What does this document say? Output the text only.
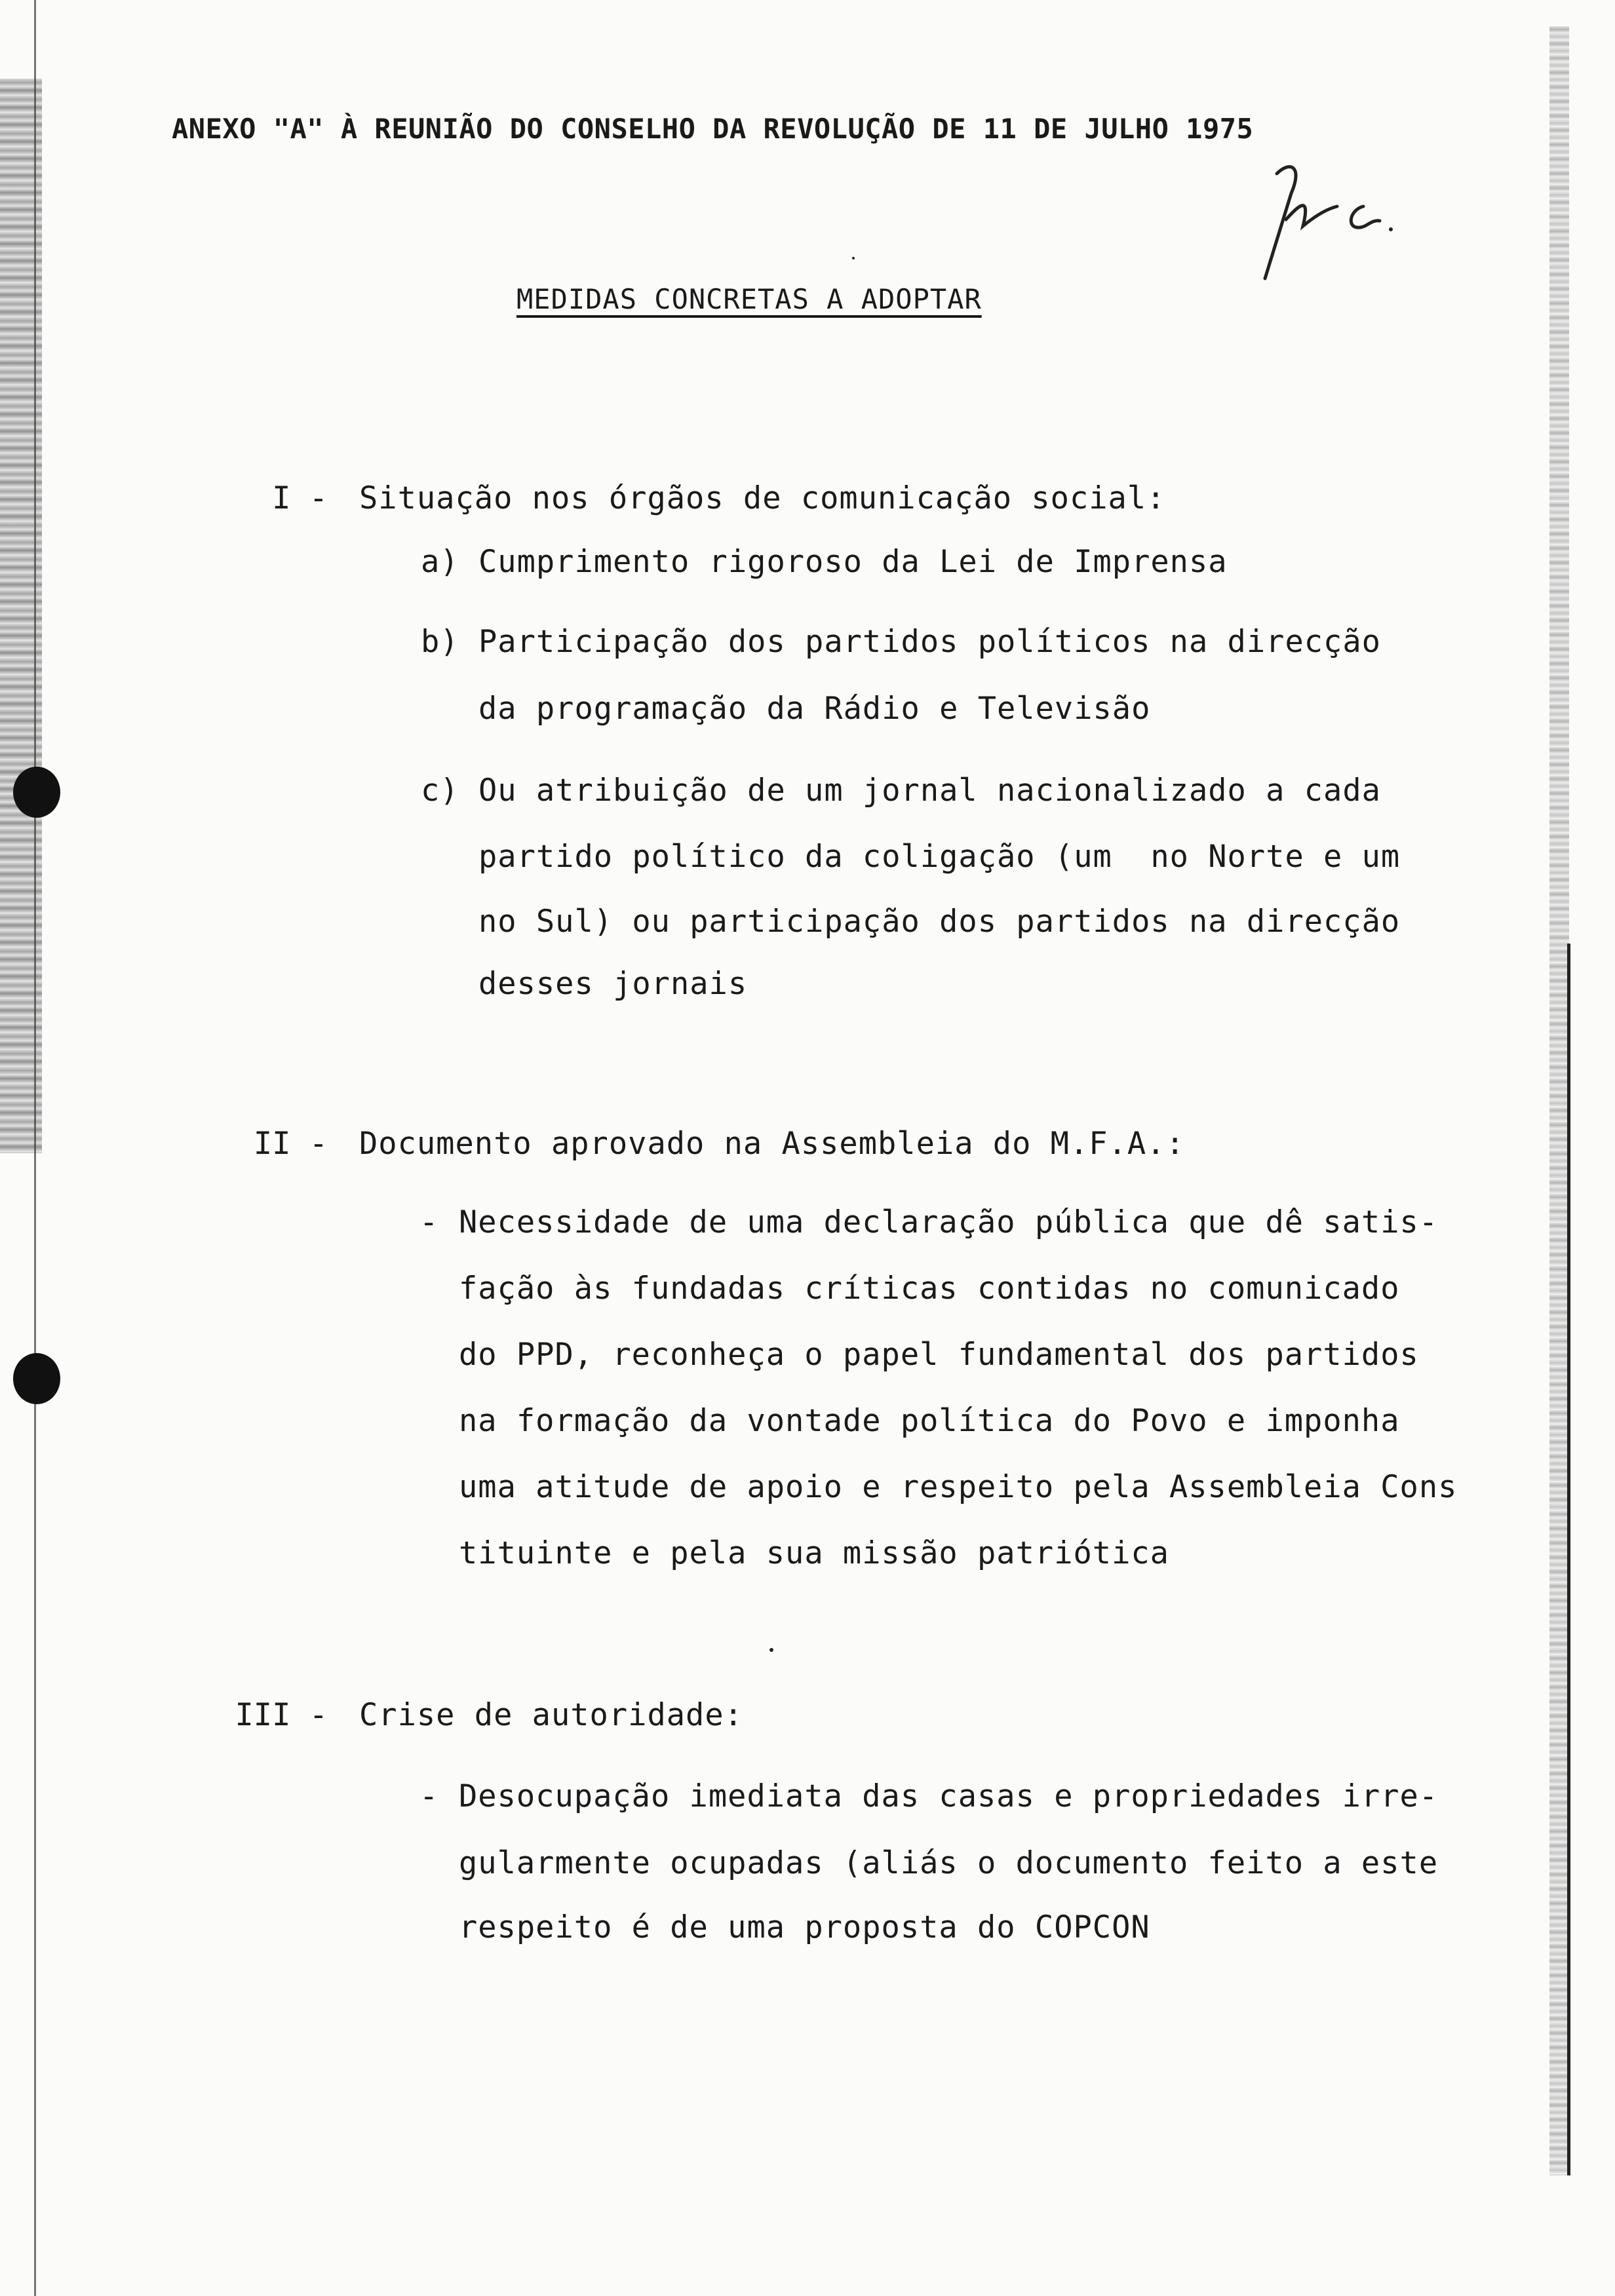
ANEXO "A" À REUNIÃO DO CONSELHO DA REVOLUÇÃO DE 11 DE JULHO 1975
MEDIDAS CONCRETAS A ADOPTAR
I - Situação nos órgãos de comunicação social:
a) Cumprimento rigoroso da Lei de Imprensa
b) Participação dos partidos políticos na direcção
da programação da Rádio e Televisão
c) Ou atribuição de um jornal nacionalizado a cada
partido político da coligação (um  no Norte e um
no Sul) ou participação dos partidos na direcção
desses jornais
II - Documento aprovado na Assembleia do M.F.A.:
- Necessidade de uma declaração pública que dê satis-
fação às fundadas críticas contidas no comunicado
do PPD, reconheça o papel fundamental dos partidos
na formação da vontade política do Povo e imponha
uma atitude de apoio e respeito pela Assembleia Cons
tituinte e pela sua missão patriótica
III - Crise de autoridade:
- Desocupação imediata das casas e propriedades irre-
gularmente ocupadas (aliás o documento feito a este
respeito é de uma proposta do COPCON
